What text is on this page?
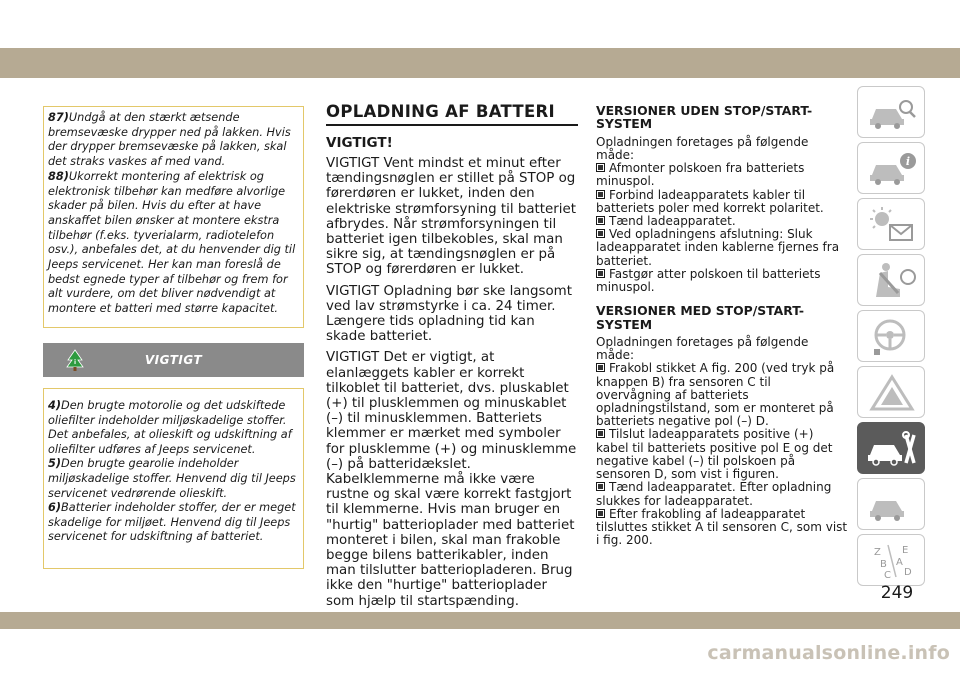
87)Undgå at den stærkt ætsende bremsevæske drypper ned på lakken. Hvis der drypper bremsevæske på lakken, skal det straks vaskes af med vand.
88)Ukorrekt montering af elektrisk og elektronisk tilbehør kan medføre alvorlige skader på bilen. Hvis du efter at have anskaffet bilen ønsker at montere ekstra tilbehør (f.eks. tyverialarm, radiotelefon osv.), anbefales det, at du henvender dig til Jeeps servicenet. Her kan man foreslå de bedst egnede typer af tilbehør og frem for alt vurdere, om det bliver nødvendigt at montere et batteri med større kapacitet.
i	VIGTIGT
4)Den brugte motorolie og det udskiftede oliefilter indeholder miljøskadelige stoffer. Det anbefales, at olieskift og udskiftning af oliefilter udføres af Jeeps servicenet.
5)Den brugte gearolie indeholder miljøskadelige stoffer. Henvend dig til Jeeps servicenet vedrørende olieskift.
6)Batterier indeholder stoffer, der er meget skadelige for miljøet. Henvend dig til Jeeps servicenet for udskiftning af batteriet.
OPLADNING AF BATTERI
VIGTIGT!

VIGTIGT Vent mindst et minut efter tændingsnøglen er stillet på STOP og førerdøren er lukket, inden den elektriske strømforsyning til batteriet afbrydes. Når strømforsyningen til batteriet igen tilbekobles, skal man sikre sig, at tændingsnøglen er på STOP og førerdøren er lukket.

VIGTIGT Opladning bør ske langsomt ved lav strømstyrke i ca. 24 timer. Længere tids opladning tid kan skade batteriet.

VIGTIGT Det er vigtigt, at elanlæggets kabler er korrekt tilkoblet til batteriet, dvs. pluskablet (+) til plusklemmen og minuskablet (–) til minusklemmen. Batteriets klemmer er mærket med symboler for plusklemme (+) og minusklemme (–) på batteridækslet. Kabelklemmerne må ikke være rustne og skal være korrekt fastgjort til klemmerne. Hvis man bruger en "hurtig" batterioplader med batteriet monteret i bilen, skal man frakoble begge bilens batterikabler, inden man tilslutter batteriopladeren. Brug ikke den "hurtige" batterioplader som hjælp til startspænding.

VERSIONER UDEN STOP/START-SYSTEM
Opladningen foretages på følgende måde:
Afmonter polskoen fra batteriets minuspol.
Forbind ladeapparatets kabler til batteriets poler med korrekt polaritet.
Tænd ladeapparatet.
Ved opladningens afslutning: Sluk ladeapparatet inden kablerne fjernes fra batteriet.
Fastgør atter polskoen til batteriets minuspol.
VERSIONER MED STOP/START-SYSTEM
Opladningen foretages på følgende måde:
Frakobl stikket A fig. 200 (ved tryk på knappen B) fra sensoren C til overvågning af batteriets opladningstilstand, som er monteret på batteriets negative pol (–) D.
Tilslut ladeapparatets positive (+) kabel til batteriets positive pol E og det negative kabel (–) til polskoen på sensoren D, som vist i figuren.
Tænd ladeapparatet. Efter opladning slukkes for ladeapparatet.
Efter frakobling af ladeapparatet tilsluttes stikket A til sensoren C, som vist i fig. 200.
i
Z E
B A
C D
249
carmanualsonline.info
